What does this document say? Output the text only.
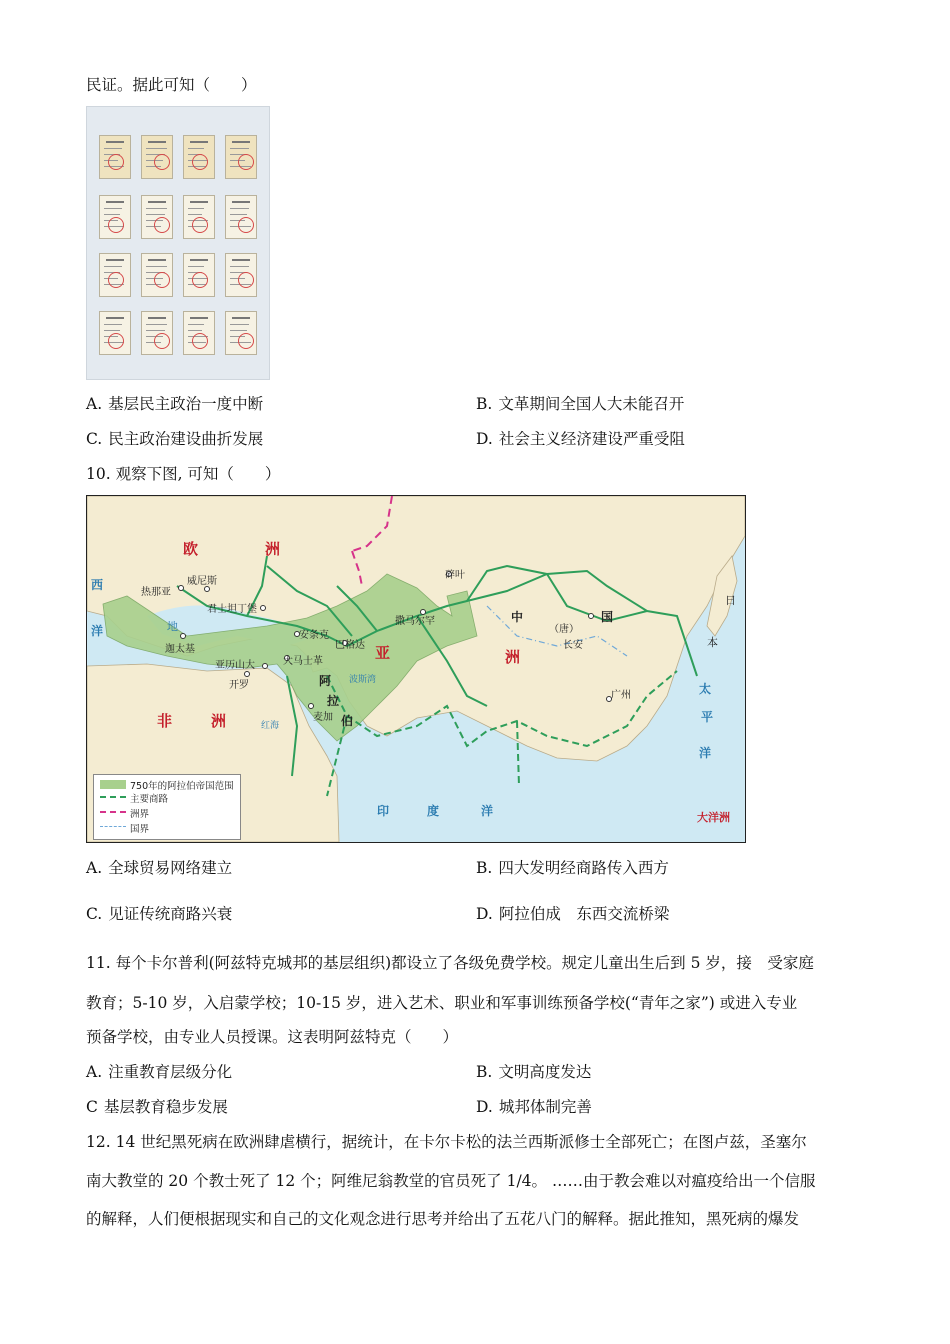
民证。据此可知（　　）
A. 基层民主政治一度中断	B. 文革期间全国人大未能召开
C. 民主政治建设曲折发展	D. 社会主义经济建设严重受阻
10. 观察下图, 可知（　　）
欧	洲
亚	洲
非	洲
阿
拉
伯
中	国
（唐）
日
本
太
平
洋
印	度	洋
西
洋
大洋洲
红海
波斯湾
地
热那亚
威尼斯
君士坦丁堡
迦太基
安条克
巴格达
撒马尔罕
碎叶
长安
亚历山大	大马士革
开罗
麦加
广州
750年的阿拉伯帝国范围
主要商路
洲界
国界
A. 全球贸易网络建立	B. 四大发明经商路传入西方
C. 见证传统商路兴衰	D. 阿拉伯成　东西交流桥梁
11. 每个卡尔普利(阿兹特克城邦的基层组织)都设立了各级免费学校。规定儿童出生后到 5 岁，接　受家庭
教育；5-10 岁，入启蒙学校；10-15 岁，进入艺术、职业和军事训练预备学校(“青年之家”) 或进入专业
预备学校，由专业人员授课。这表明阿兹特克（　　）
A. 注重教育层级分化	B. 文明高度发达
C 基层教育稳步发展	D. 城邦体制完善
12. 14 世纪黑死病在欧洲肆虐横行，据统计，在卡尔卡松的法兰西斯派修士全部死亡；在图卢兹，圣塞尔
南大教堂的 20 个教士死了 12 个；阿维尼翁教堂的官员死了 1/4。 ……由于教会难以对瘟疫给出一个信服
的解释，人们便根据现实和自己的文化观念进行思考并给出了五花八门的解释。据此推知，黑死病的爆发
